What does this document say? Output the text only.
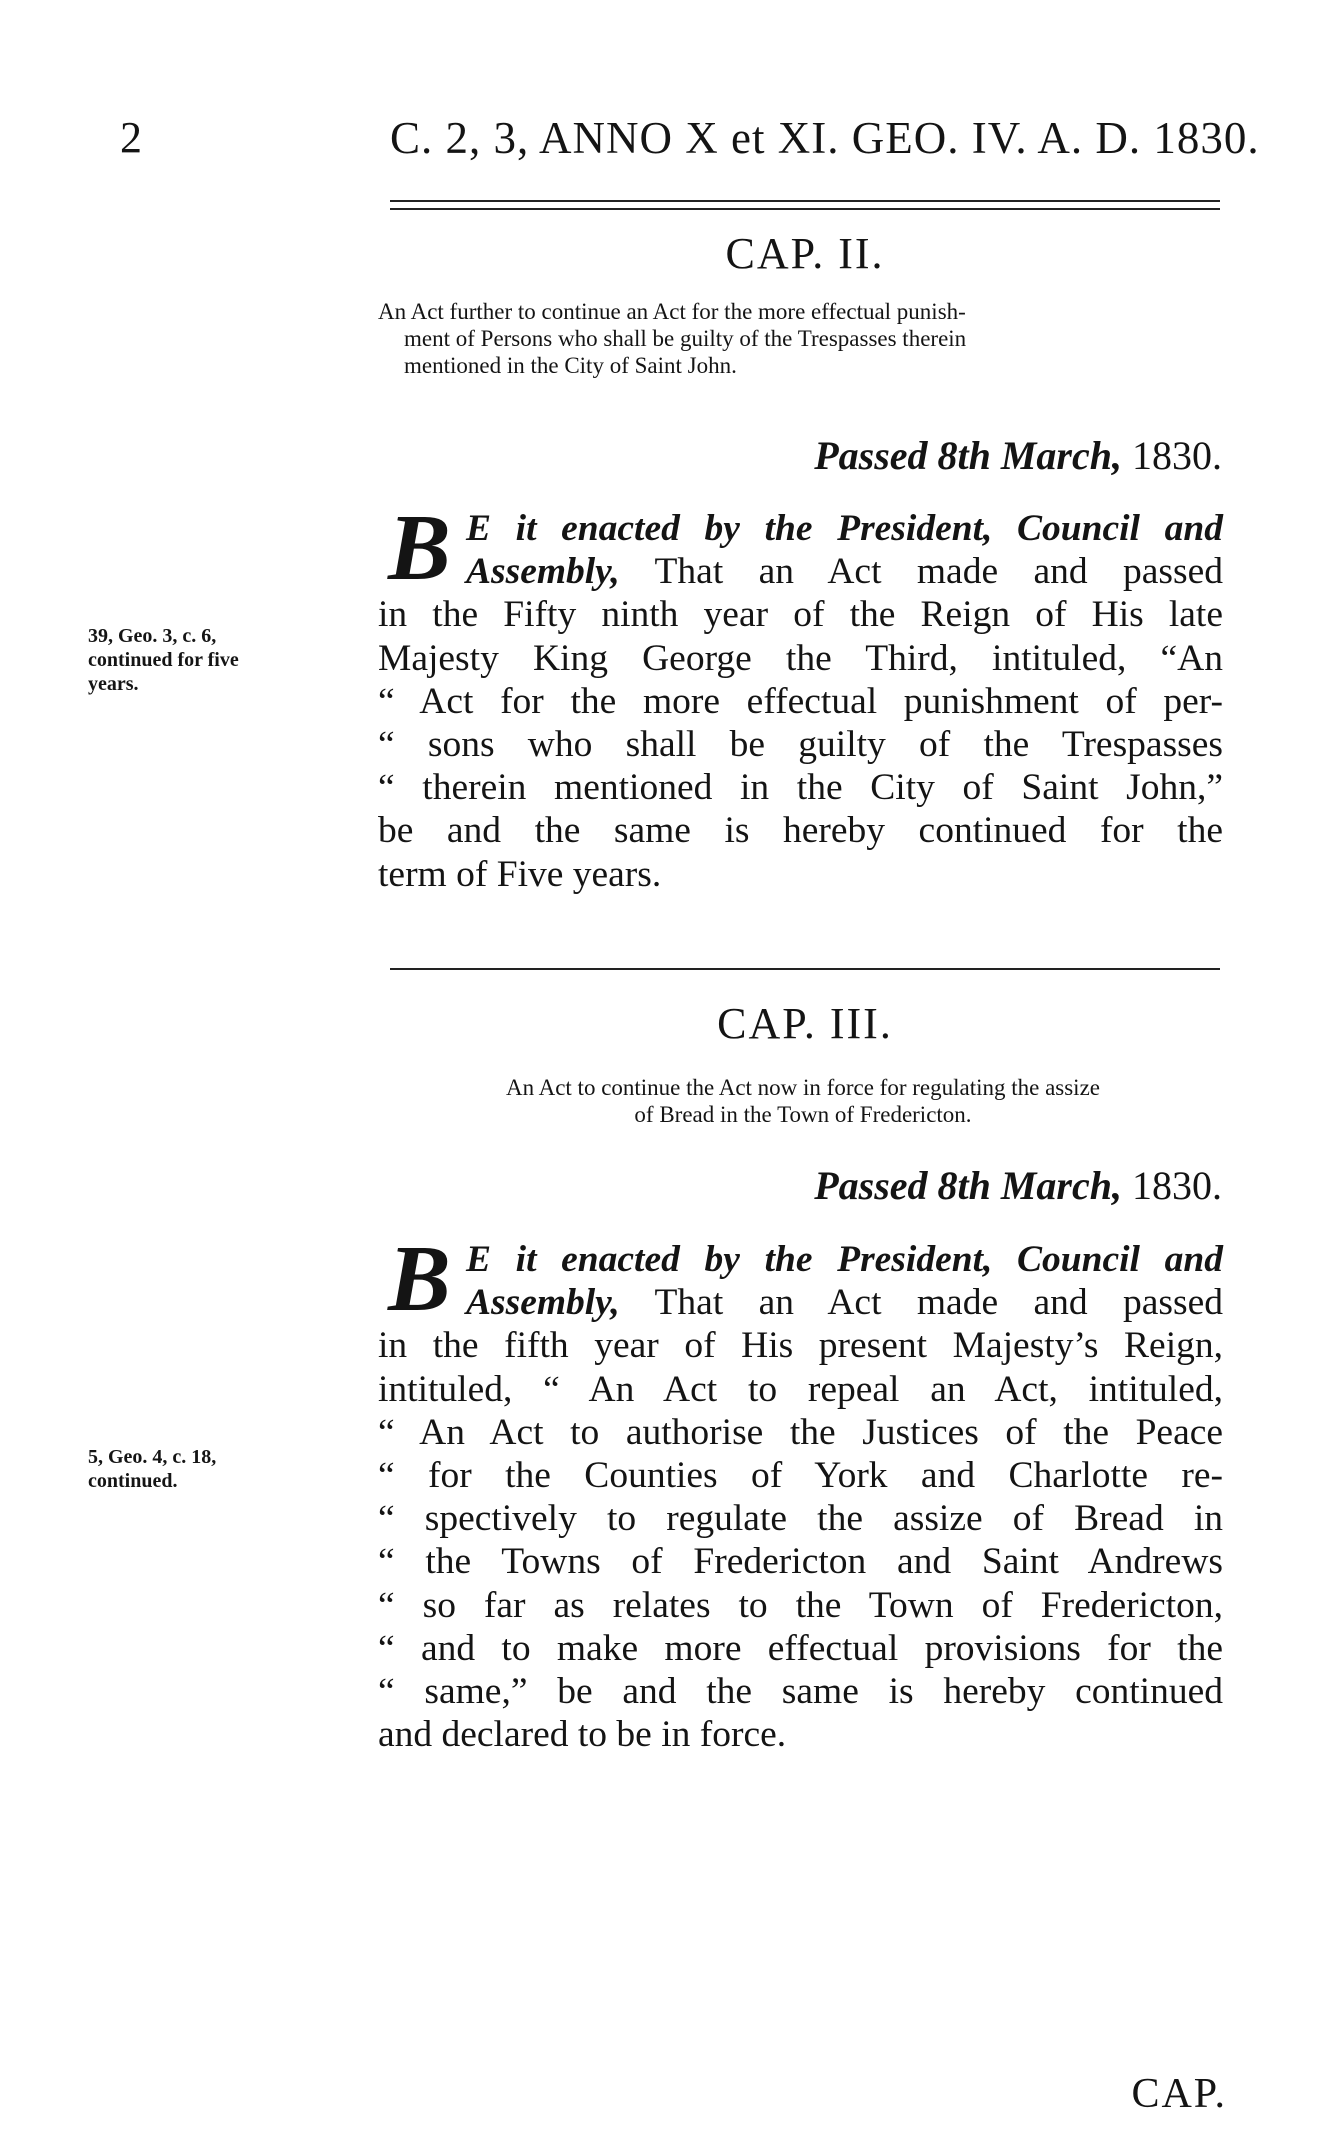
2	C. 2, 3, ANNO X et XI. GEO. IV. A. D. 1830.
CAP. II.
An Act further to continue an Act for the more effectual punish-
ment of Persons who shall be guilty of the Trespasses therein
mentioned in the City of Saint John.
Passed 8th March, 1830.
B E it enacted by the President, Council and
Assembly, That an Act made and passed
in the Fifty ninth year of the Reign of His late
Majesty King George the Third, intituled, “An
“ Act for the more effectual punishment of per-
“ sons who shall be guilty of the Trespasses
“ therein mentioned in the City of Saint John,”
be and the same is hereby continued for the
term of Five years.
39, Geo. 3, c. 6,
continued for five
years.
CAP. III.
An Act to continue the Act now in force for regulating the assize
of Bread in the Town of Fredericton.
Passed 8th March, 1830.
B E it enacted by the President, Council and
Assembly, That an Act made and passed
in the fifth year of His present Majesty’s Reign,
intituled, “ An Act to repeal an Act, intituled,
“ An Act to authorise the Justices of the Peace
“ for the Counties of York and Charlotte re-
“ spectively to regulate the assize of Bread in
“ the Towns of Fredericton and Saint Andrews
“ so far as relates to the Town of Fredericton,
“ and to make more effectual provisions for the
“ same,” be and the same is hereby continued
and declared to be in force.
5, Geo. 4, c. 18,
continued.
CAP.
